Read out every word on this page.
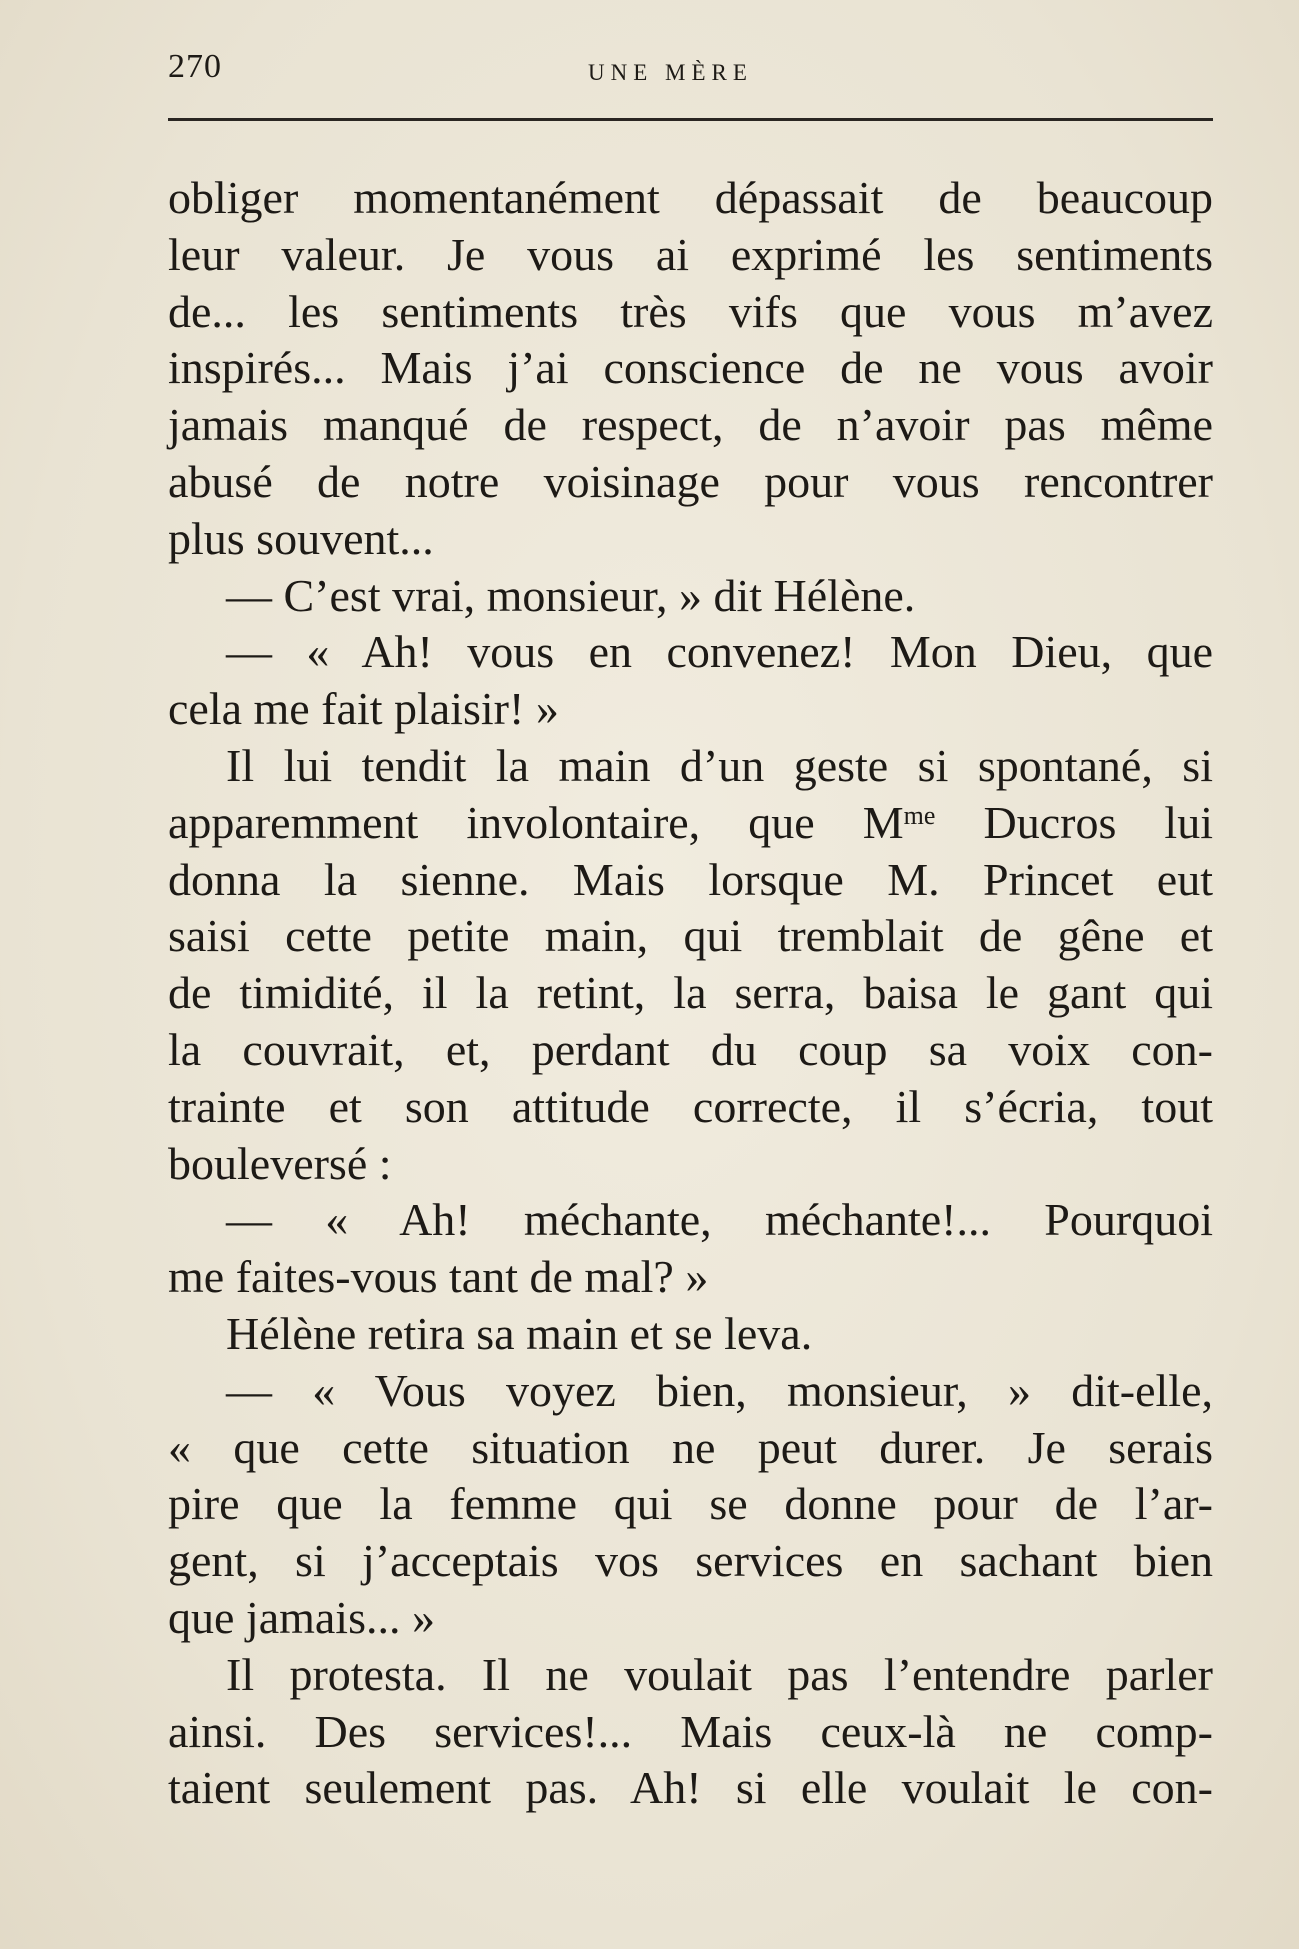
270	UNE MÈRE
obliger momentanément dépassait de beaucoup
leur valeur. Je vous ai exprimé les sentiments
de... les sentiments très vifs que vous m’avez
inspirés... Mais j’ai conscience de ne vous avoir
jamais manqué de respect, de n’avoir pas même
abusé de notre voisinage pour vous rencontrer
plus souvent...
— C’est vrai, monsieur, » dit Hélène.
— « Ah! vous en convenez! Mon Dieu, que
cela me fait plaisir! »
Il lui tendit la main d’un geste si spontané, si
apparemment involontaire, que $M^{me}$ Ducros lui
donna la sienne. Mais lorsque M. Princet eut
saisi cette petite main, qui tremblait de gêne et
de timidité, il la retint, la serra, baisa le gant qui
la couvrait, et, perdant du coup sa voix con-
trainte et son attitude correcte, il s’écria, tout
bouleversé :
— « Ah! méchante, méchante!... Pourquoi
me faites-vous tant de mal? »
Hélène retira sa main et se leva.
— « Vous voyez bien, monsieur, » dit-elle,
« que cette situation ne peut durer. Je serais
pire que la femme qui se donne pour de l’ar-
gent, si j’acceptais vos services en sachant bien
que jamais... »
Il protesta. Il ne voulait pas l’entendre parler
ainsi. Des services!... Mais ceux-là ne comp-
taient seulement pas. Ah! si elle voulait le con-
